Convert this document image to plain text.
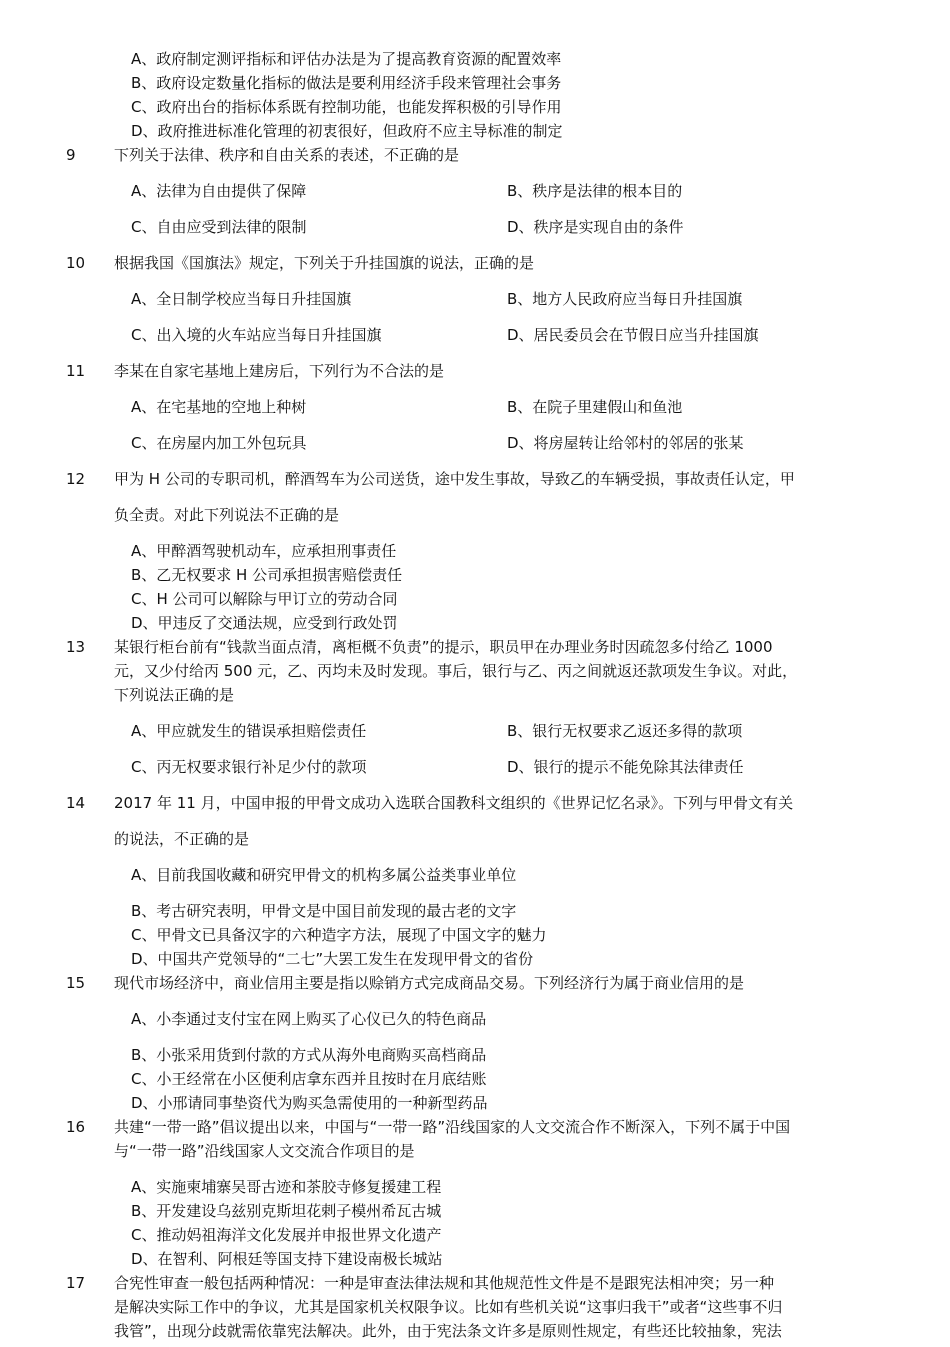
A、政府制定测评指标和评估办法是为了提高教育资源的配置效率
B、政府设定数量化指标的做法是要利用经济手段来管理社会事务
C、政府出台的指标体系既有控制功能，也能发挥积极的引导作用
D、政府推进标准化管理的初衷很好，但政府不应主导标准的制定
9	下列关于法律、秩序和自由关系的表述，不正确的是
A、法律为自由提供了保障	B、秩序是法律的根本目的
C、自由应受到法律的限制	D、秩序是实现自由的条件
10 根据我国《国旗法》规定，下列关于升挂国旗的说法，正确的是
A、全日制学校应当每日升挂国旗	B、地方人民政府应当每日升挂国旗
C、出入境的火车站应当每日升挂国旗	D、居民委员会在节假日应当升挂国旗
11 李某在自家宅基地上建房后，下列行为不合法的是
A、在宅基地的空地上种树	B、在院子里建假山和鱼池
C、在房屋内加工外包玩具	D、将房屋转让给邻村的邻居的张某
12 甲为 H 公司的专职司机，醉酒驾车为公司送货，途中发生事故，导致乙的车辆受损，事故责任认定，甲
负全责。对此下列说法不正确的是
A、甲醉酒驾驶机动车，应承担刑事责任
B、乙无权要求 H 公司承担损害赔偿责任
C、H 公司可以解除与甲订立的劳动合同
D、甲违反了交通法规，应受到行政处罚
13 某银行柜台前有“钱款当面点清，离柜概不负责”的提示，职员甲在办理业务时因疏忽多付给乙 1000
元，又少付给丙 500 元，乙、丙均未及时发现。事后，银行与乙、丙之间就返还款项发生争议。对此，
下列说法正确的是
A、甲应就发生的错误承担赔偿责任	B、银行无权要求乙返还多得的款项
C、丙无权要求银行补足少付的款项	D、银行的提示不能免除其法律责任
14 2017 年 11 月，中国申报的甲骨文成功入选联合国教科文组织的《世界记忆名录》。下列与甲骨文有关
的说法，不正确的是
A、目前我国收藏和研究甲骨文的机构多属公益类事业单位
B、考古研究表明，甲骨文是中国目前发现的最古老的文字
C、甲骨文已具备汉字的六种造字方法，展现了中国文字的魅力
D、中国共产党领导的“二七”大罢工发生在发现甲骨文的省份
15 现代市场经济中，商业信用主要是指以赊销方式完成商品交易。下列经济行为属于商业信用的是
A、小李通过支付宝在网上购买了心仪已久的特色商品
B、小张采用货到付款的方式从海外电商购买高档商品
C、小王经常在小区便利店拿东西并且按时在月底结账
D、小邢请同事垫资代为购买急需使用的一种新型药品
16 共建“一带一路”倡议提出以来，中国与“一带一路”沿线国家的人文交流合作不断深入，下列不属于中国
与“一带一路”沿线国家人文交流合作项目的是
A、实施柬埔寨吴哥古迹和茶胶寺修复援建工程
B、开发建设乌兹别克斯坦花剌子模州希瓦古城
C、推动妈祖海洋文化发展并申报世界文化遗产
D、在智利、阿根廷等国支持下建设南极长城站
17 合宪性审查一般包括两种情况：一种是审查法律法规和其他规范性文件是不是跟宪法相冲突；另一种
是解决实际工作中的争议，尤其是国家机关权限争议。比如有些机关说“这事归我干”或者“这些事不归
我管”，出现分歧就需依靠宪法解决。此外，由于宪法条文许多是原则性规定，有些还比较抽象，宪法
